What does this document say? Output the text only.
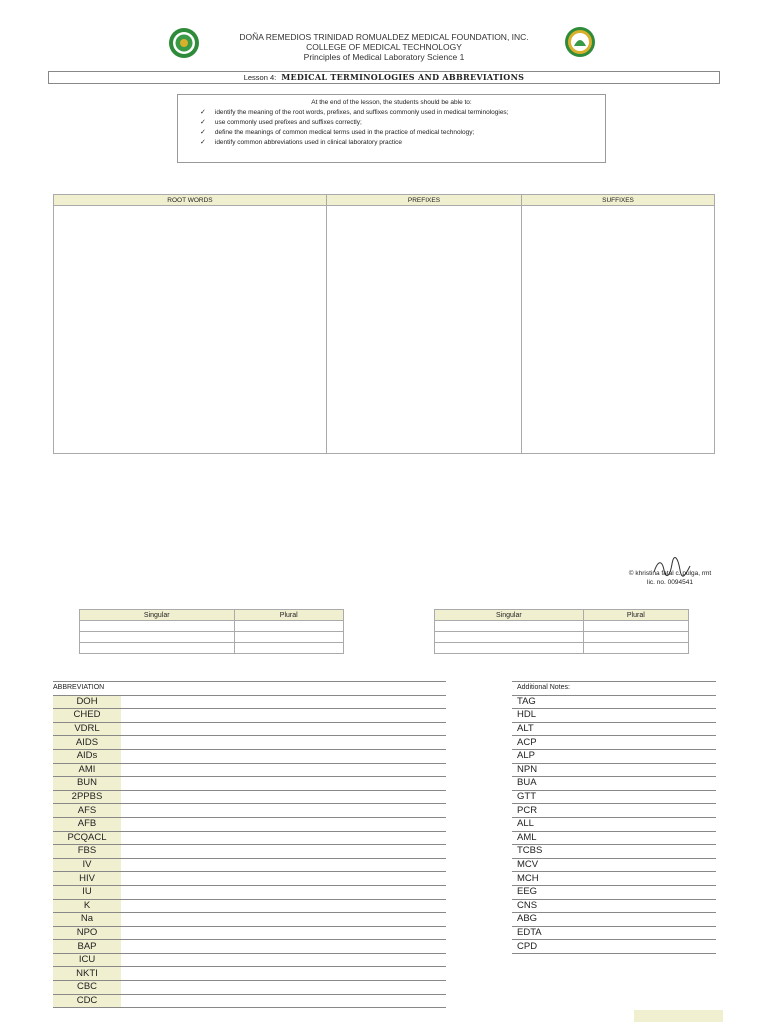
DOÑA REMEDIOS TRINIDAD ROMUALDEZ MEDICAL FOUNDATION, INC.
COLLEGE OF MEDICAL TECHNOLOGY
Principles of Medical Laboratory Science 1
Lesson 4: MEDICAL TERMINOLOGIES AND ABBREVIATIONS
At the end of the lesson, the students should be able to:
✓ identify the meaning of the root words, prefixes, and suffixes commonly used in medical terminologies;
✓ use commonly used prefixes and suffixes correctly;
✓ define the meanings of common medical terms used in the practice of medical technology;
✓ identify common abbreviations used in clinical laboratory practice
ROOT WORDS	PREFIXES	SUFFIXES

© khristina fatal c. pulga, rmt
lic. no. 0094541
Singular	Plural

		Singular	Plural

ABBREVIATION	
DOH	
CHED	
VDRL	
AIDS	
AIDs	
AMI	
BUN	
2PPBS	
AFS	
AFB	
PCQACL	
FBS	
IV	
HIV	
IU	
K	
Na	
NPO	
BAP	
ICU	
NKTI	
CBC	
CDC	
Additional Notes:
TAG
HDL
ALT
ACP
ALP
NPN
BUA
GTT
PCR
ALL
AML
TCBS
MCV
MCH
EEG
CNS
ABG
EDTA
CPD
